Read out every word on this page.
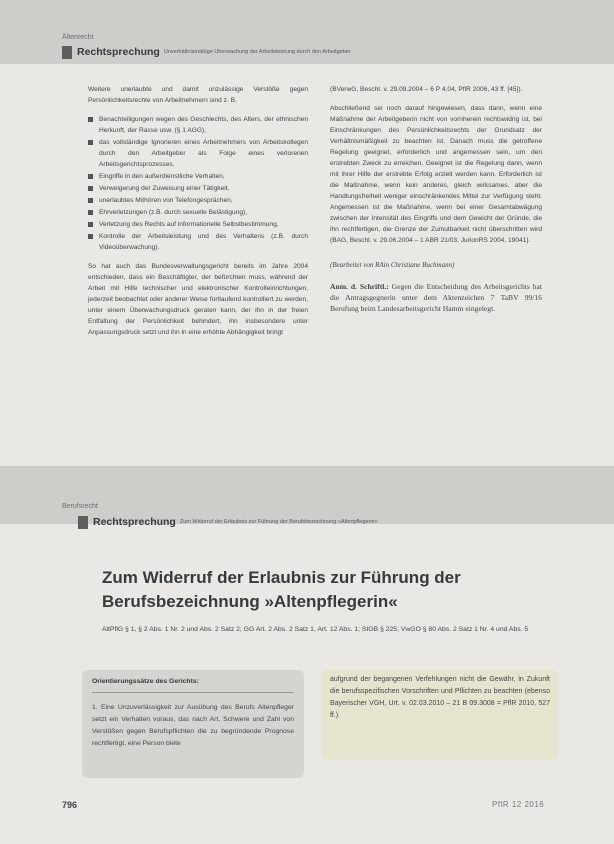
Ältenrecht
Rechtsprechung Unverhältnismäßige Überwachung der Arbeitsleistung durch den Arbeitgeber

Weitere unerlaubte und damit unzulässige Verstöße gegen Persönlichkeitsrechte von Arbeitnehmern sind z. B.

Benachteiligungen wegen des Geschlechts, des Alters, der ethnischen Herkunft, der Rasse usw. (§ 1 AGG),
das vollständige Ignorieren eines Arbeitnehmers von Arbeitskollegen durch den Arbeitgeber als Folge eines verlorenen Arbeitsgerichtsprozesses,
Eingriffe in den außerdienstliche Verhalten,
Verweigerung der Zuweisung einer Tätigkeit,
unerlaubtes Mithören von Telefongesprächen,
Ehrverletzungen (z.B. durch sexuelle Belästigung),
Verletzung des Rechts auf informationelle Selbstbestimmung,
Kontrolle der Arbeitsleistung und des Verhaltens (z.B. durch Videoüberwachung).

So hat auch das Bundesverwaltungsgericht bereits im Jahre 2004 entschieden, dass ein Beschäftigter, der befürchten muss, während der Arbeit mit Hilfe technischer und elektronischer Kontrolleinrichtungen, jederzeit beobachtet oder anderer Weise fortlaufend kontrolliert zu werden, unter einem Überwachungsdruck geraten kann, der ihn in der freien Entfaltung der Persönlichkeit behindert, ihn insbesondere unter Anpassungsdruck setzt und ihn in eine erhöhte Abhängigkeit bringt

(BVerwG, Beschl. v. 29.09.2004 – 6 P 4.04, PflR 2006, 43 ff. [45]).

Abschließend sei noch darauf hingewiesen, dass dann, wenn eine Maßnahme der Arbeitgeberin nicht von vornherein rechtswidrig ist, bei Einschränkungen des Persönlichkeitsrechts der Grundsatz der Verhältnismäßigkeit zu beachten ist. Danach muss die getroffene Regelung geeignet, erforderlich und angemessen sein, um den erstrebten Zweck zu erreichen. Geeignet ist die Regelung dann, wenn mit ihrer Hilfe der erstrebte Erfolg erzielt werden kann. Erforderlich ist die Maßnahme, wenn kein anderes, gleich wirksames, aber die Handlungsfreiheit weniger einschränkendes Mittel zur Verfügung steht. Angemessen ist die Maßnahme, wenn bei einer Gesamtabwägung zwischen der Intensität des Eingriffs und dem Gewicht der Gründe, die ihn rechtfertigen, die Grenze der Zumutbarkeit nicht überschritten wird (BAG, Beschl. v. 29.06.2004 – 1 ABR 21/03, JurionRS 2004, 19041).

(Bearbeitet von RAin Christiane Buchmann)

Anm. d. Schriftl.: Gegen die Entscheidung des Arbeitsgerichts hat die Antragsgegnerin unter dem Aktenzeichen 7 TaBV 99/16 Berufung beim Landesarbeitsgericht Hamm eingelegt.

Berufsrecht
Rechtsprechung Zum Widerruf der Erlaubnis zur Führung der Berufsbezeichnung »Altenpflegerin«
Zum Widerruf der Erlaubnis zur Führung der
Berufsbezeichnung »Altenpflegerin«
AltPflG § 1, § 2 Abs. 1 Nr. 2 und Abs. 2 Satz 2; GG Art. 2 Abs. 2 Satz 1, Art. 12 Abs. 1; StGB § 225; VwGO § 80 Abs. 2 Satz 1 Nr. 4 und Abs. 5
Orientierungssätze des Gerichts:
1. Eine Unzuverlässigkeit zur Ausübung des Berufs Altenpfleger setzt ein Verhalten voraus, das nach Art, Schwere und Zahl von Verstößen gegen Berufspflichten die zu begründende Prognose rechtfertigt, eine Person biete
aufgrund der begangenen Verfehlungen nicht die Gewähr, in Zukunft die berufsspezifischen Vorschriften und Pflichten zu beachten (ebenso Bayerischer VGH, Urt. v. 02.03.2010 – 21 B 09.3008 = PflR 2010, 527 ff.).
796	PflR 12 2016
